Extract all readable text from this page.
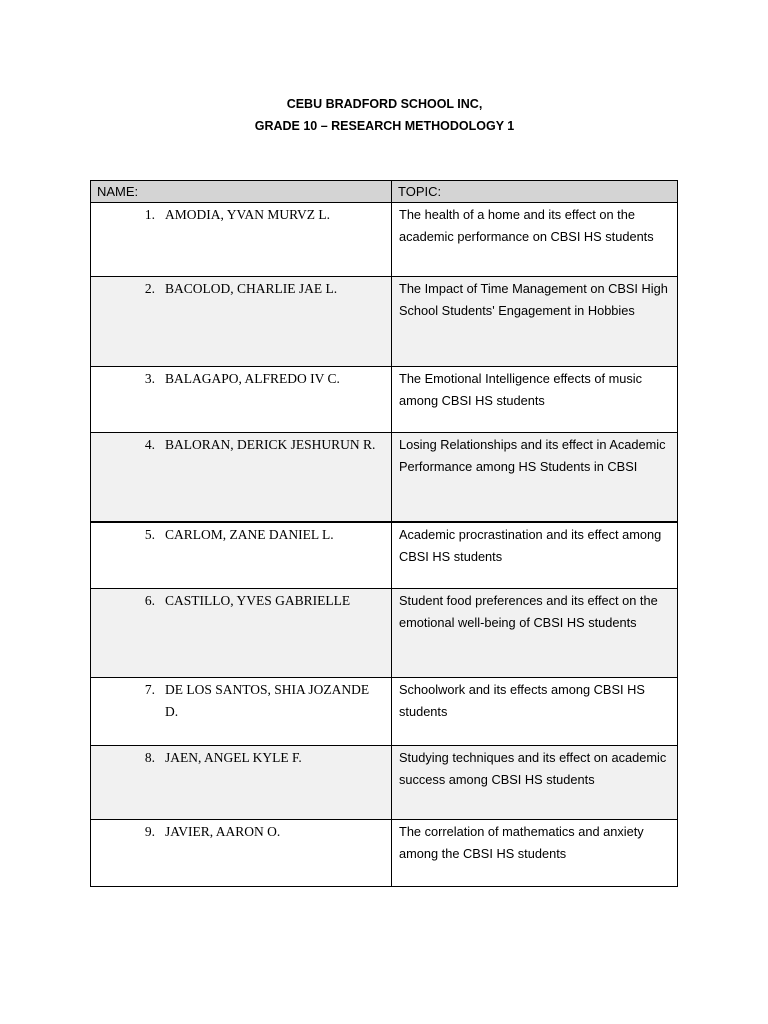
CEBU BRADFORD SCHOOL INC,
GRADE 10 – RESEARCH METHODOLOGY 1
NAME:	TOPIC:
1. AMODIA, YVAN MURVZ L.	The health of a home and its effect on the academic performance on CBSI HS students
2. BACOLOD, CHARLIE JAE L.	The Impact of Time Management on CBSI High School Students' Engagement in Hobbies
3. BALAGAPO, ALFREDO IV C.	The Emotional Intelligence effects of music among CBSI HS students
4. BALORAN, DERICK JESHURUN R.	Losing Relationships and its effect in Academic Performance among HS Students in CBSI
5. CARLOM, ZANE DANIEL L.	Academic procrastination and its effect among CBSI HS students
6. CASTILLO, YVES GABRIELLE	Student food preferences and its effect on the emotional well-being of CBSI HS students
7. DE LOS SANTOS, SHIA JOZANDE D.	Schoolwork and its effects among CBSI HS students
8. JAEN, ANGEL KYLE F.	Studying techniques and its effect on academic success among CBSI HS students
9. JAVIER, AARON O.	The correlation of mathematics and anxiety among the CBSI HS students
